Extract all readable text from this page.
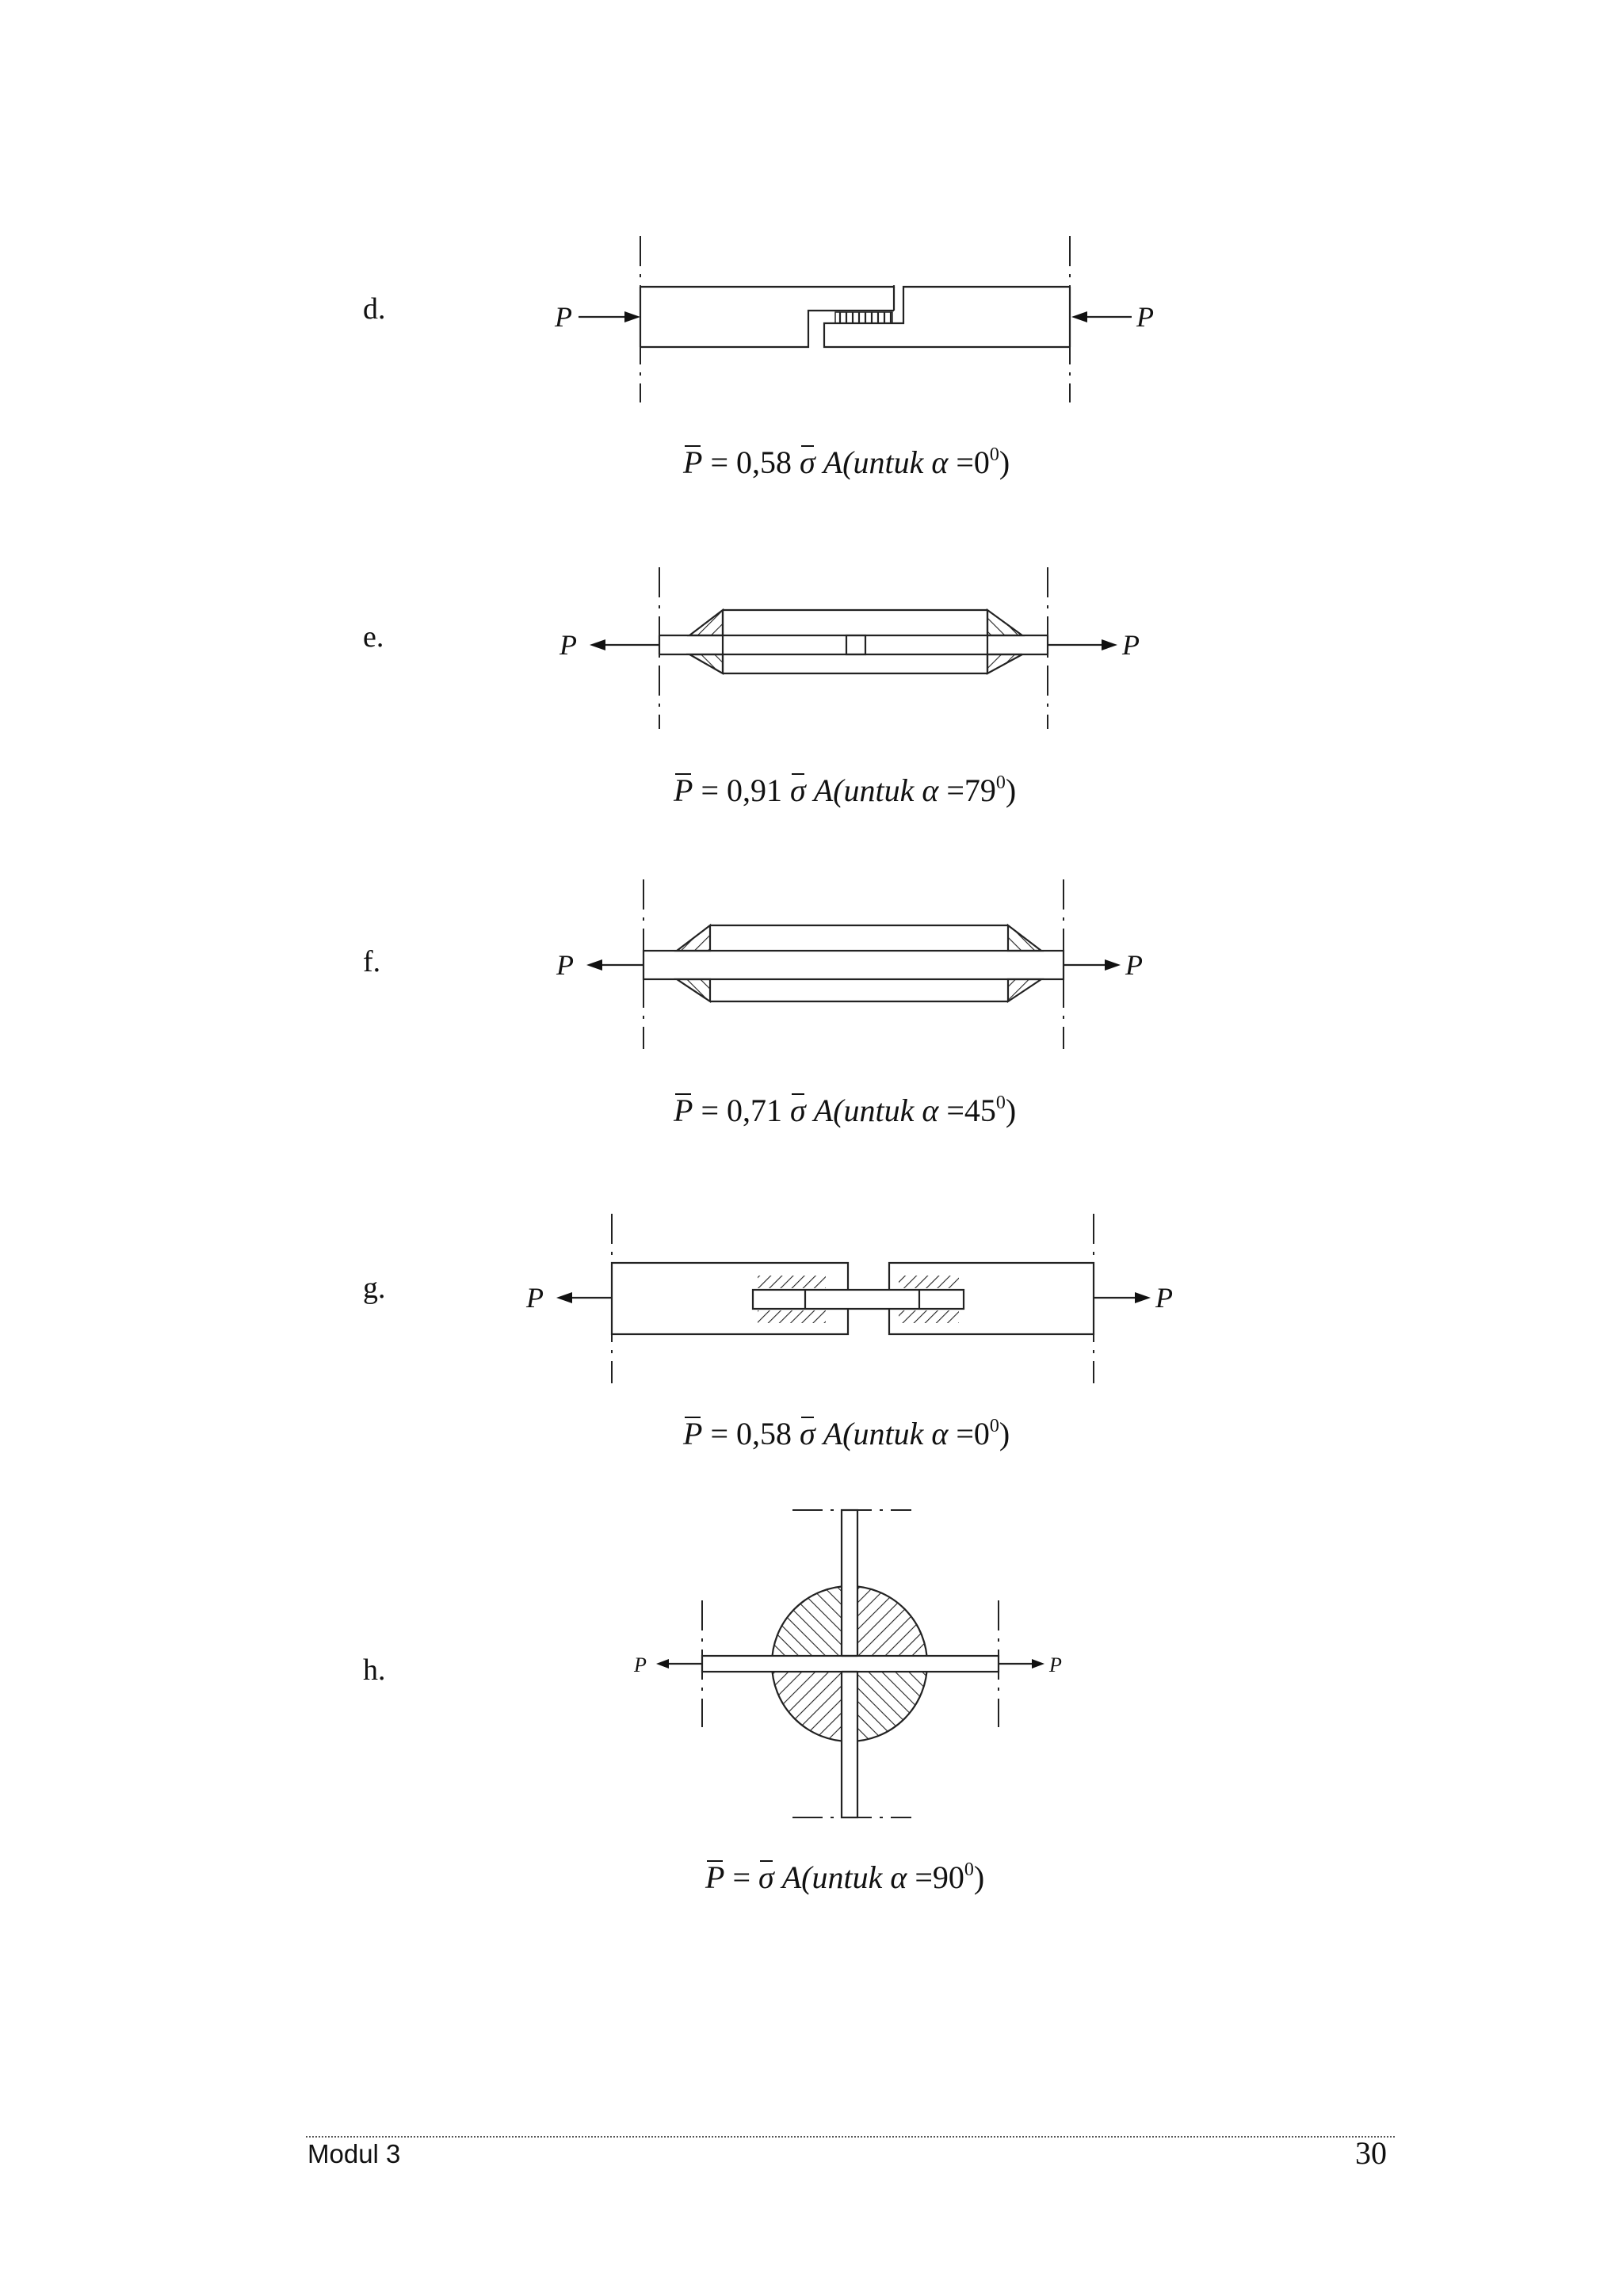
d.	P	P
P = 0,58 σ A(untuk $\alpha =0^0$)
e.	P	P
P = 0,91 σ A(untuk $\alpha =79^0$)
f.	P	P
P = 0,71 σ A(untuk $\alpha =45^0$)
g.	P	P
P = 0,58 σ A(untuk $\alpha =0^0$)
h.	P	P
P = σ A(untuk $\alpha =90^0$)
Modul 3	30
